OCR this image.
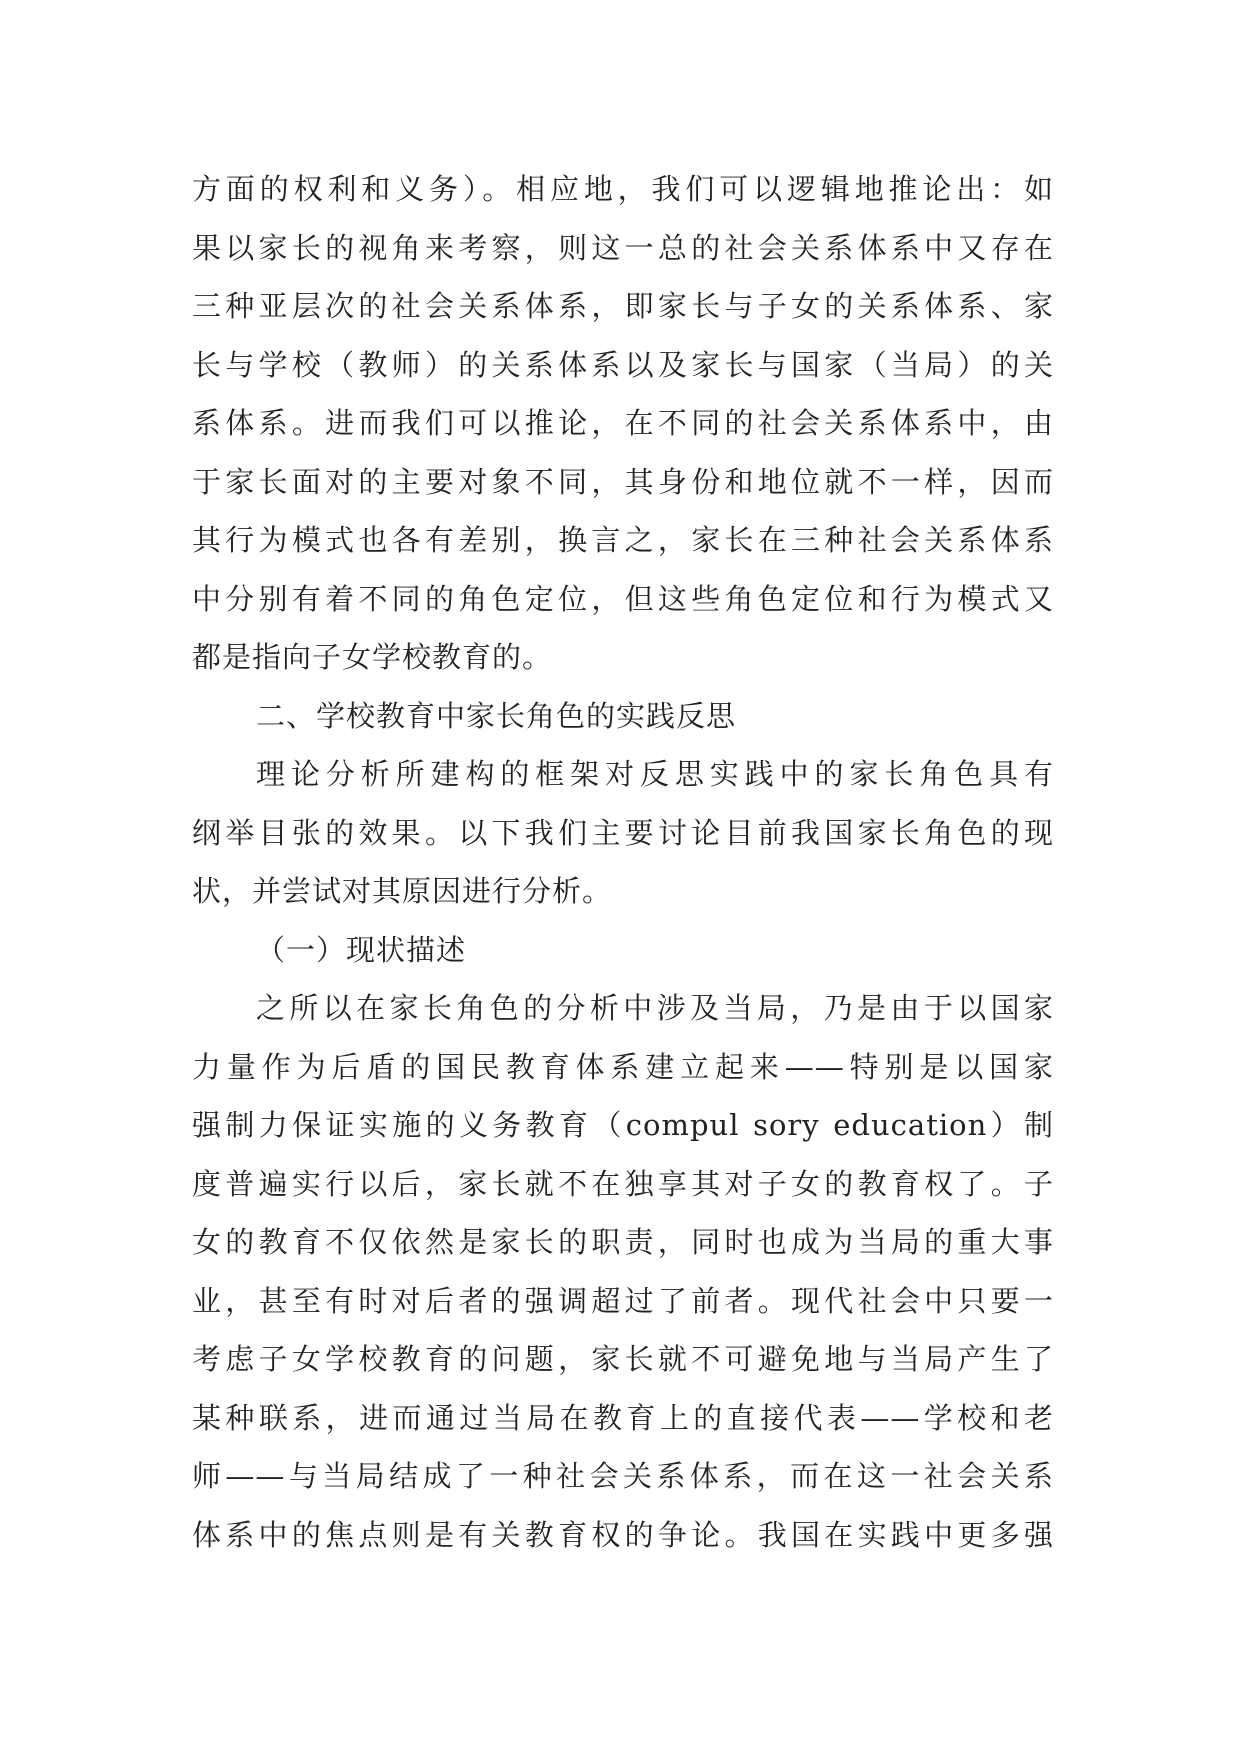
方面的权利和义务）。相应地，我们可以逻辑地推论出：如
果以家长的视角来考察，则这一总的社会关系体系中又存在
三种亚层次的社会关系体系，即家长与子女的关系体系、家
长与学校（教师）的关系体系以及家长与国家（当局）的关
系体系。进而我们可以推论，在不同的社会关系体系中，由
于家长面对的主要对象不同，其身份和地位就不一样，因而
其行为模式也各有差别，换言之，家长在三种社会关系体系
中分别有着不同的角色定位，但这些角色定位和行为模式又
都是指向子女学校教育的。
二、学校教育中家长角色的实践反思
理论分析所建构的框架对反思实践中的家长角色具有
纲举目张的效果。以下我们主要讨论目前我国家长角色的现
状，并尝试对其原因进行分析。
（一）现状描述
之所以在家长角色的分析中涉及当局，乃是由于以国家
力量作为后盾的国民教育体系建立起来——特别是以国家
强制力保证实施的义务教育（compul sory education）制
度普遍实行以后，家长就不在独享其对子女的教育权了。子
女的教育不仅依然是家长的职责，同时也成为当局的重大事
业，甚至有时对后者的强调超过了前者。现代社会中只要一
考虑子女学校教育的问题，家长就不可避免地与当局产生了
某种联系，进而通过当局在教育上的直接代表——学校和老
师——与当局结成了一种社会关系体系，而在这一社会关系
体系中的焦点则是有关教育权的争论。我国在实践中更多强
